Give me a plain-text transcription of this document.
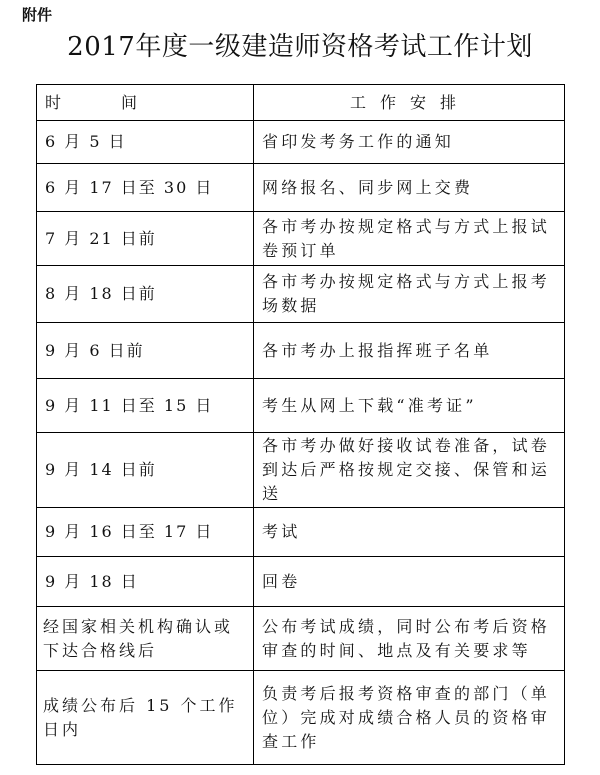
附件
2017年度一级建造师资格考试工作计划
时 间	工作安排
6 月 5 日	省印发考务工作的通知
6 月 17 日至 30 日	网络报名、同步网上交费
7 月 21 日前	各市考办按规定格式与方式上报试卷预订单
8 月 18 日前	各市考办按规定格式与方式上报考场数据
9 月 6 日前	各市考办上报指挥班子名单
9 月 11 日至 15 日	考生从网上下载“准考证”
9 月 14 日前	各市考办做好接收试卷准备，试卷到达后严格按规定交接、保管和运送
9 月 16 日至 17 日	考试
9 月 18 日	回卷
经国家相关机构确认或下达合格线后	公布考试成绩，同时公布考后资格审查的时间、地点及有关要求等
成绩公布后 15 个工作日内	负责考后报考资格审查的部门（单位）完成对成绩合格人员的资格审查工作
